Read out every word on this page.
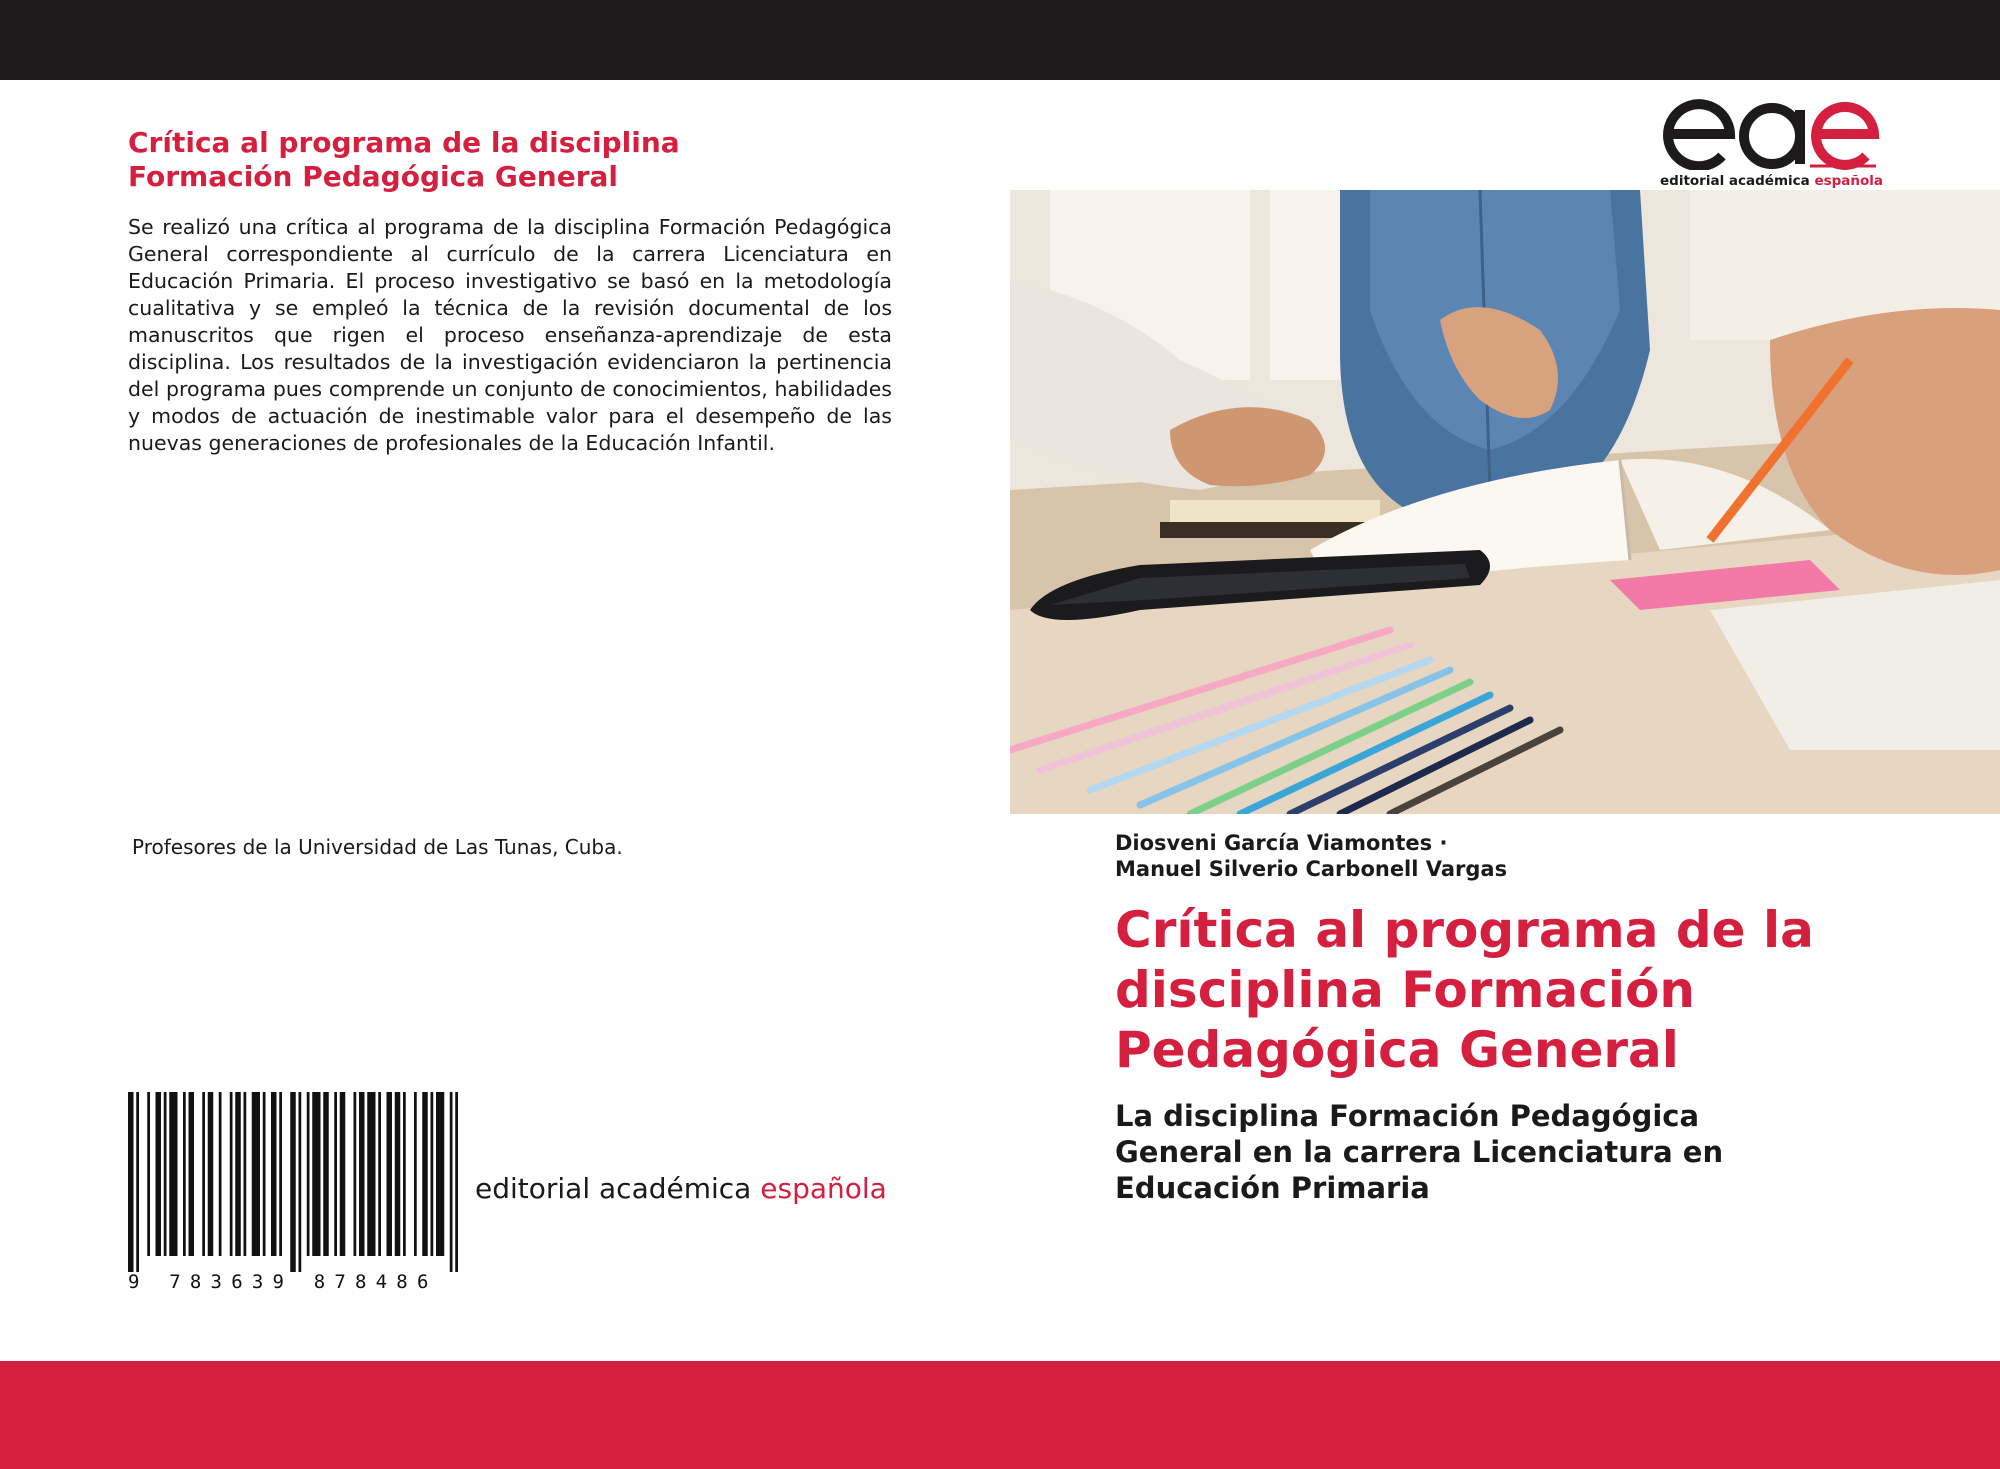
Crítica al programa de la disciplina
Formación Pedagógica General

Se realizó una crítica al programa de la disciplina Formación Pedagógica General correspondiente al currículo de la carrera Licenciatura en Educación Primaria. El proceso investigativo se basó en la metodología cualitativa y se empleó la técnica de la revisión documental de los manuscritos que rigen el proceso enseñanza-aprendizaje de esta disciplina. Los resultados de la investigación evidenciaron la pertinencia del programa pues comprende un conjunto de conocimientos, habilidades y modos de actuación de inestimable valor para el desempeño de las nuevas generaciones de profesionales de la Educación Infantil.

Profesores de la Universidad de Las Tunas, Cuba.
9 783639 878486
editorial académica española
editorial académica española
Diosveni García Viamontes ·
Manuel Silverio Carbonell Vargas
Crítica al programa de la
disciplina Formación
Pedagógica General
La disciplina Formación Pedagógica
General en la carrera Licenciatura en
Educación Primaria
